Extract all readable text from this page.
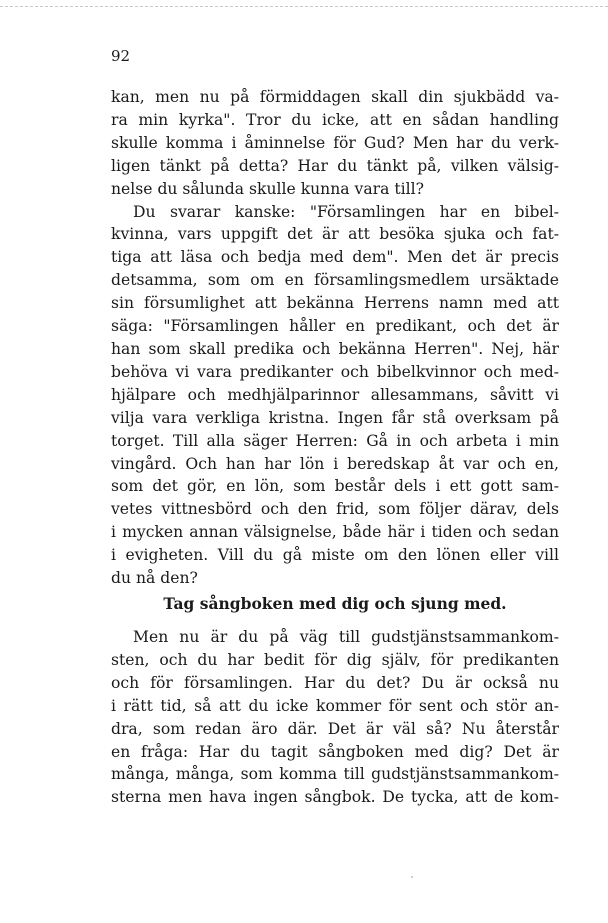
92
kan, men nu på förmiddagen skall din sjukbädd va-
ra min kyrka". Tror du icke, att en sådan handling
skulle komma i åminnelse för Gud? Men har du verk-
ligen tänkt på detta? Har du tänkt på, vilken välsig-
nelse du sålunda skulle kunna vara till?
Du svarar kanske: "Församlingen har en bibel-
kvinna, vars uppgift det är att besöka sjuka och fat-
tiga att läsa och bedja med dem". Men det är precis
detsamma, som om en församlingsmedlem ursäktade
sin försumlighet att bekänna Herrens namn med att
säga: "Församlingen håller en predikant, och det är
han som skall predika och bekänna Herren". Nej, här
behöva vi vara predikanter och bibelkvinnor och med-
hjälpare och medhjälparinnor allesammans, såvitt vi
vilja vara verkliga kristna. Ingen får stå overksam på
torget. Till alla säger Herren: Gå in och arbeta i min
vingård. Och han har lön i beredskap åt var och en,
som det gör, en lön, som består dels i ett gott sam-
vetes vittnesbörd och den frid, som följer därav, dels
i mycken annan välsignelse, både här i tiden och sedan
i evigheten. Vill du gå miste om den lönen eller vill
du nå den?
Tag sångboken med dig och sjung med.
Men nu är du på väg till gudstjänstsammankom-
sten, och du har bedit för dig själv, för predikanten
och för församlingen. Har du det? Du är också nu
i rätt tid, så att du icke kommer för sent och stör an-
dra, som redan äro där. Det är väl så? Nu återstår
en fråga: Har du tagit sångboken med dig? Det är
många, många, som komma till gudstjänstsammankom-
sterna men hava ingen sångbok. De tycka, att de kom-
